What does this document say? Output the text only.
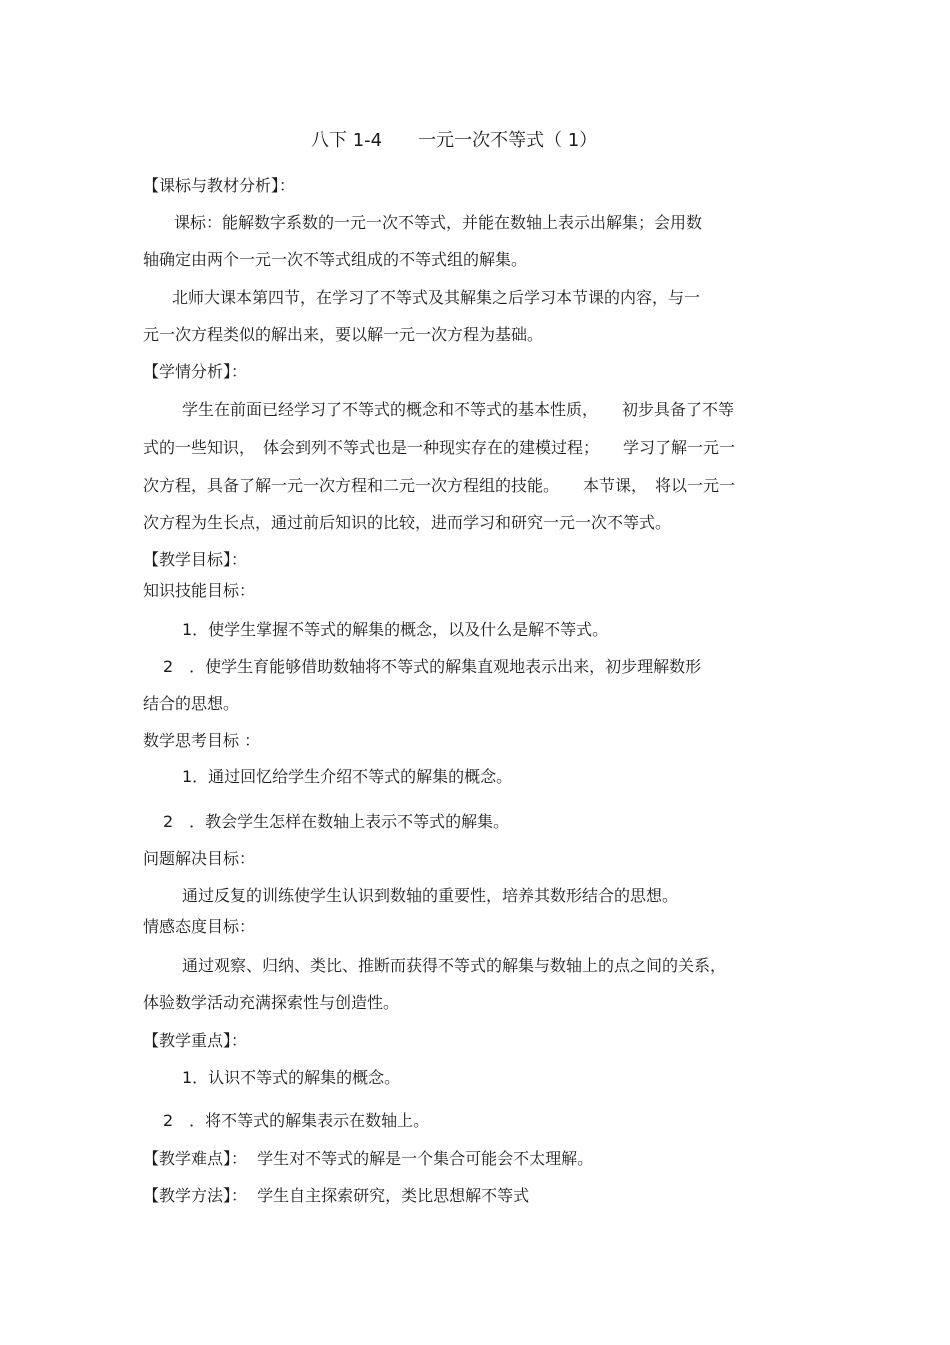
八下 1-4　　一元一次不等式（ 1）
【课标与教材分析】：
课标：能解数字系数的一元一次不等式，并能在数轴上表示出解集；会用数
轴确定由两个一元一次不等式组成的不等式组的解集。
北师大课本第四节，在学习了不等式及其解集之后学习本节课的内容，与一
元一次方程类似的解出来，要以解一元一次方程为基础。
【学情分析】：
学生在前面已经学习了不等式的概念和不等式的基本性质，　　初步具备了不等
式的一些知识，　体会到列不等式也是一种现实存在的建模过程；　　学习了解一元一
次方程，具备了解一元一次方程和二元一次方程组的技能。　　本节课，　将以一元一
次方程为生长点，通过前后知识的比较，进而学习和研究一元一次不等式。
【教学目标】：
知识技能目标：
1．使学生掌握不等式的解集的概念，以及什么是解不等式。
2　．使学生育能够借助数轴将不等式的解集直观地表示出来，初步理解数形
结合的思想。
数学思考目标 ：
1．通过回忆给学生介绍不等式的解集的概念。
2　．教会学生怎样在数轴上表示不等式的解集。
问题解决目标：
通过反复的训练使学生认识到数轴的重要性，培养其数形结合的思想。
情感态度目标：
通过观察、归纳、类比、推断而获得不等式的解集与数轴上的点之间的关系，
体验数学活动充满探索性与创造性。
【教学重点】：
1．认识不等式的解集的概念。
2　．将不等式的解集表示在数轴上。
【教学难点】：  学生对不等式的解是一个集合可能会不太理解。
【教学方法】：  学生自主探索研究，类比思想解不等式
